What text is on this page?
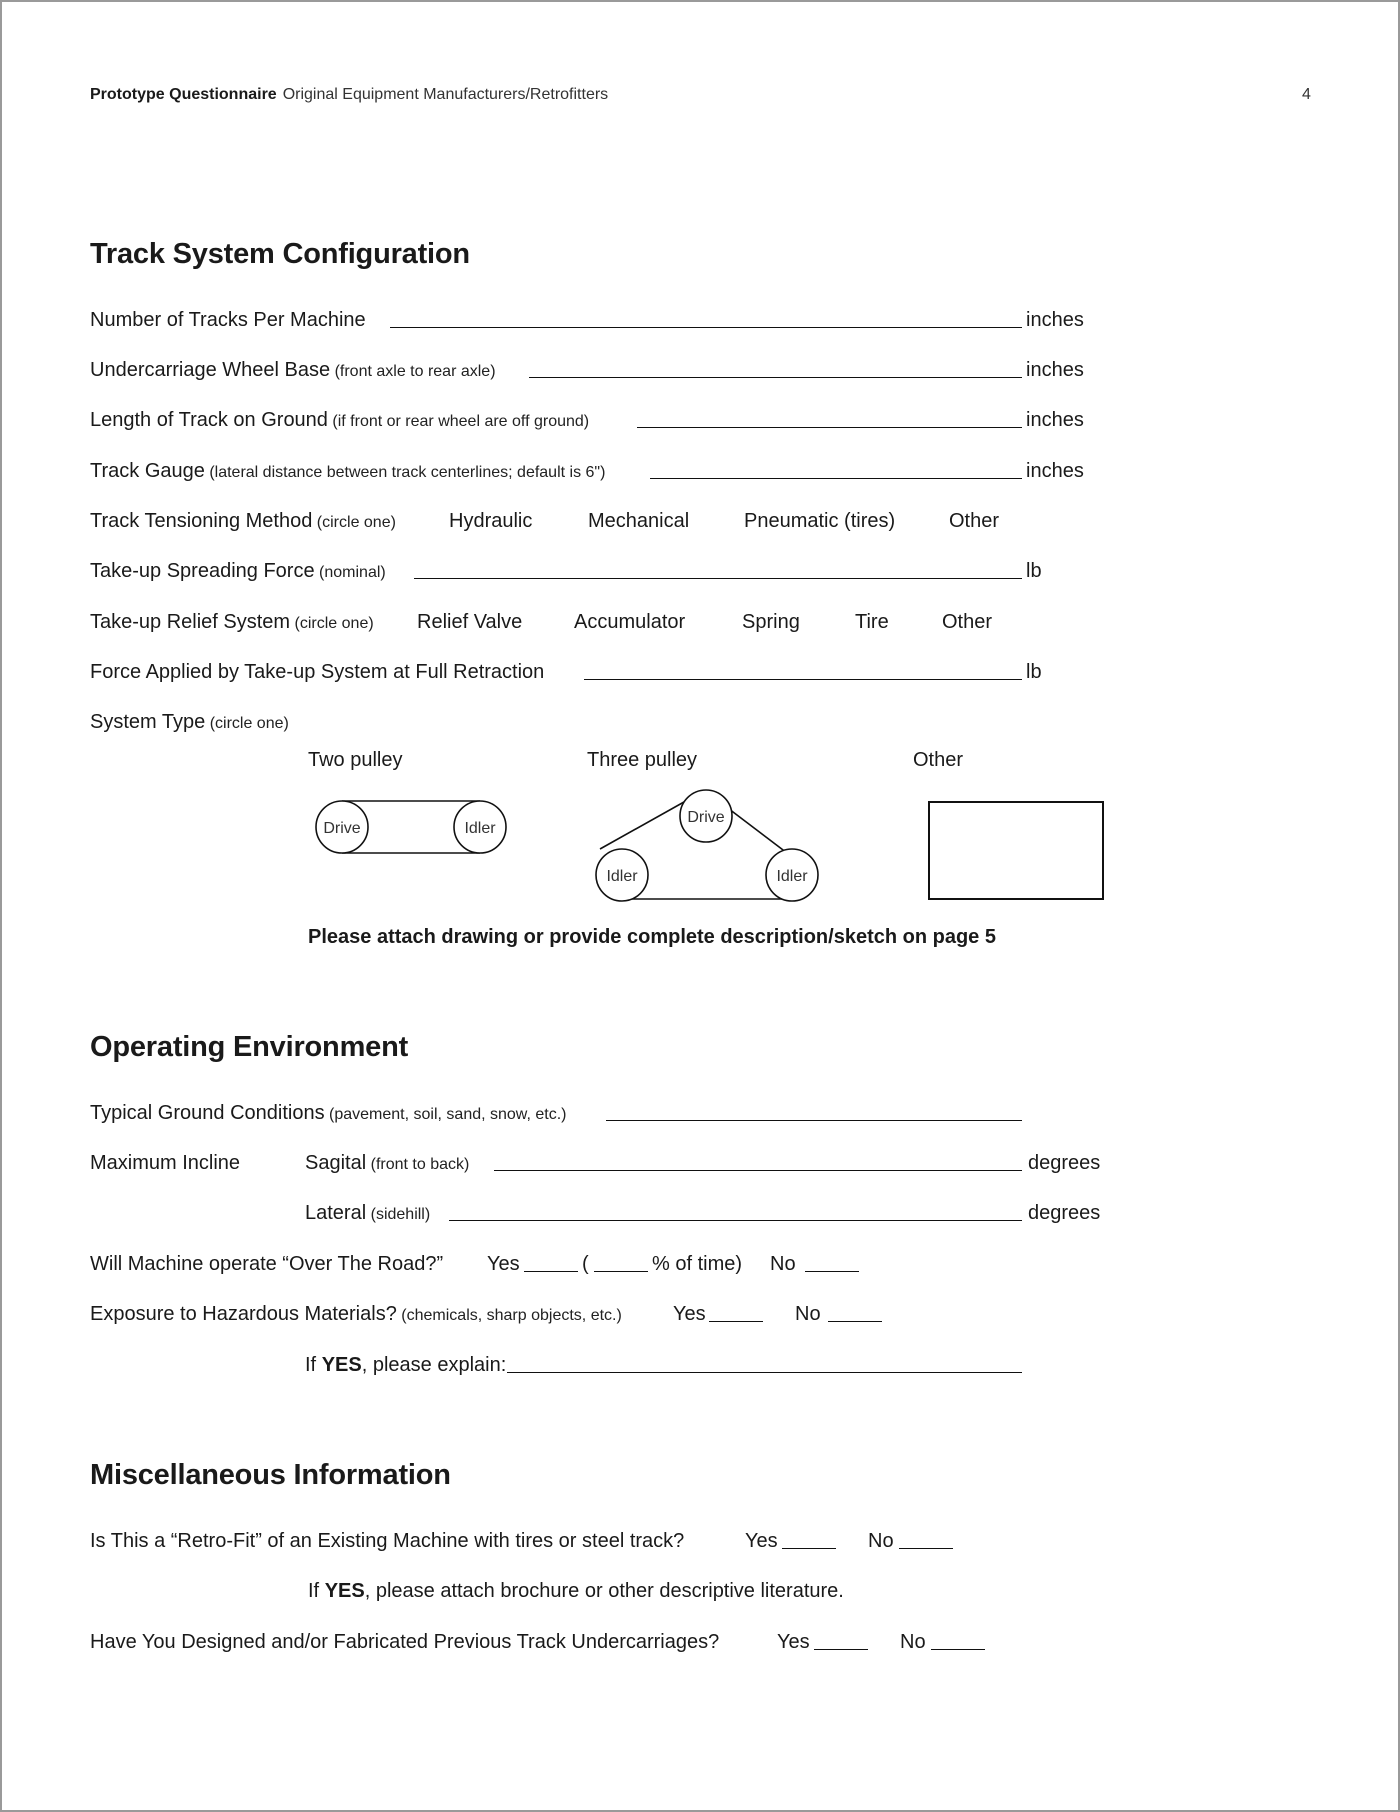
Prototype Questionnaire Original Equipment Manufacturers/Retrofitters	4
Track System Configuration
Number of Tracks Per Machine	inches
Undercarriage Wheel Base (front axle to rear axle)	inches
Length of Track on Ground (if front or rear wheel are off ground)	inches
Track Gauge (lateral distance between track centerlines; default is 6")	inches
Track Tensioning Method (circle one)	Hydraulic	Mechanical	Pneumatic (tires)	Other
Take-up Spreading Force (nominal)	lb
Take-up Relief System (circle one) Relief Valve	Accumulator	Spring	Tire	Other
Force Applied by Take-up System at Full Retraction	lb
System Type (circle one)
Two pulley	Three pulley	Other
Drive	Idler
Drive
Idler	Idler
Please attach drawing or provide complete description/sketch on page 5
Operating Environment
Typical Ground Conditions (pavement, soil, sand, snow, etc.)
Maximum Incline	Sagital (front to back)	degrees
Lateral (sidehill)	degrees
Will Machine operate “Over The Road?” Yes	(	% of time) No
Exposure to Hazardous Materials? (chemicals, sharp objects, etc.)	Yes	No
If YES, please explain:
Miscellaneous Information
Is This a “Retro-Fit” of an Existing Machine with tires or steel track?	Yes	No
If YES, please attach brochure or other descriptive literature.
Have You Designed and/or Fabricated Previous Track Undercarriages?	Yes	No
